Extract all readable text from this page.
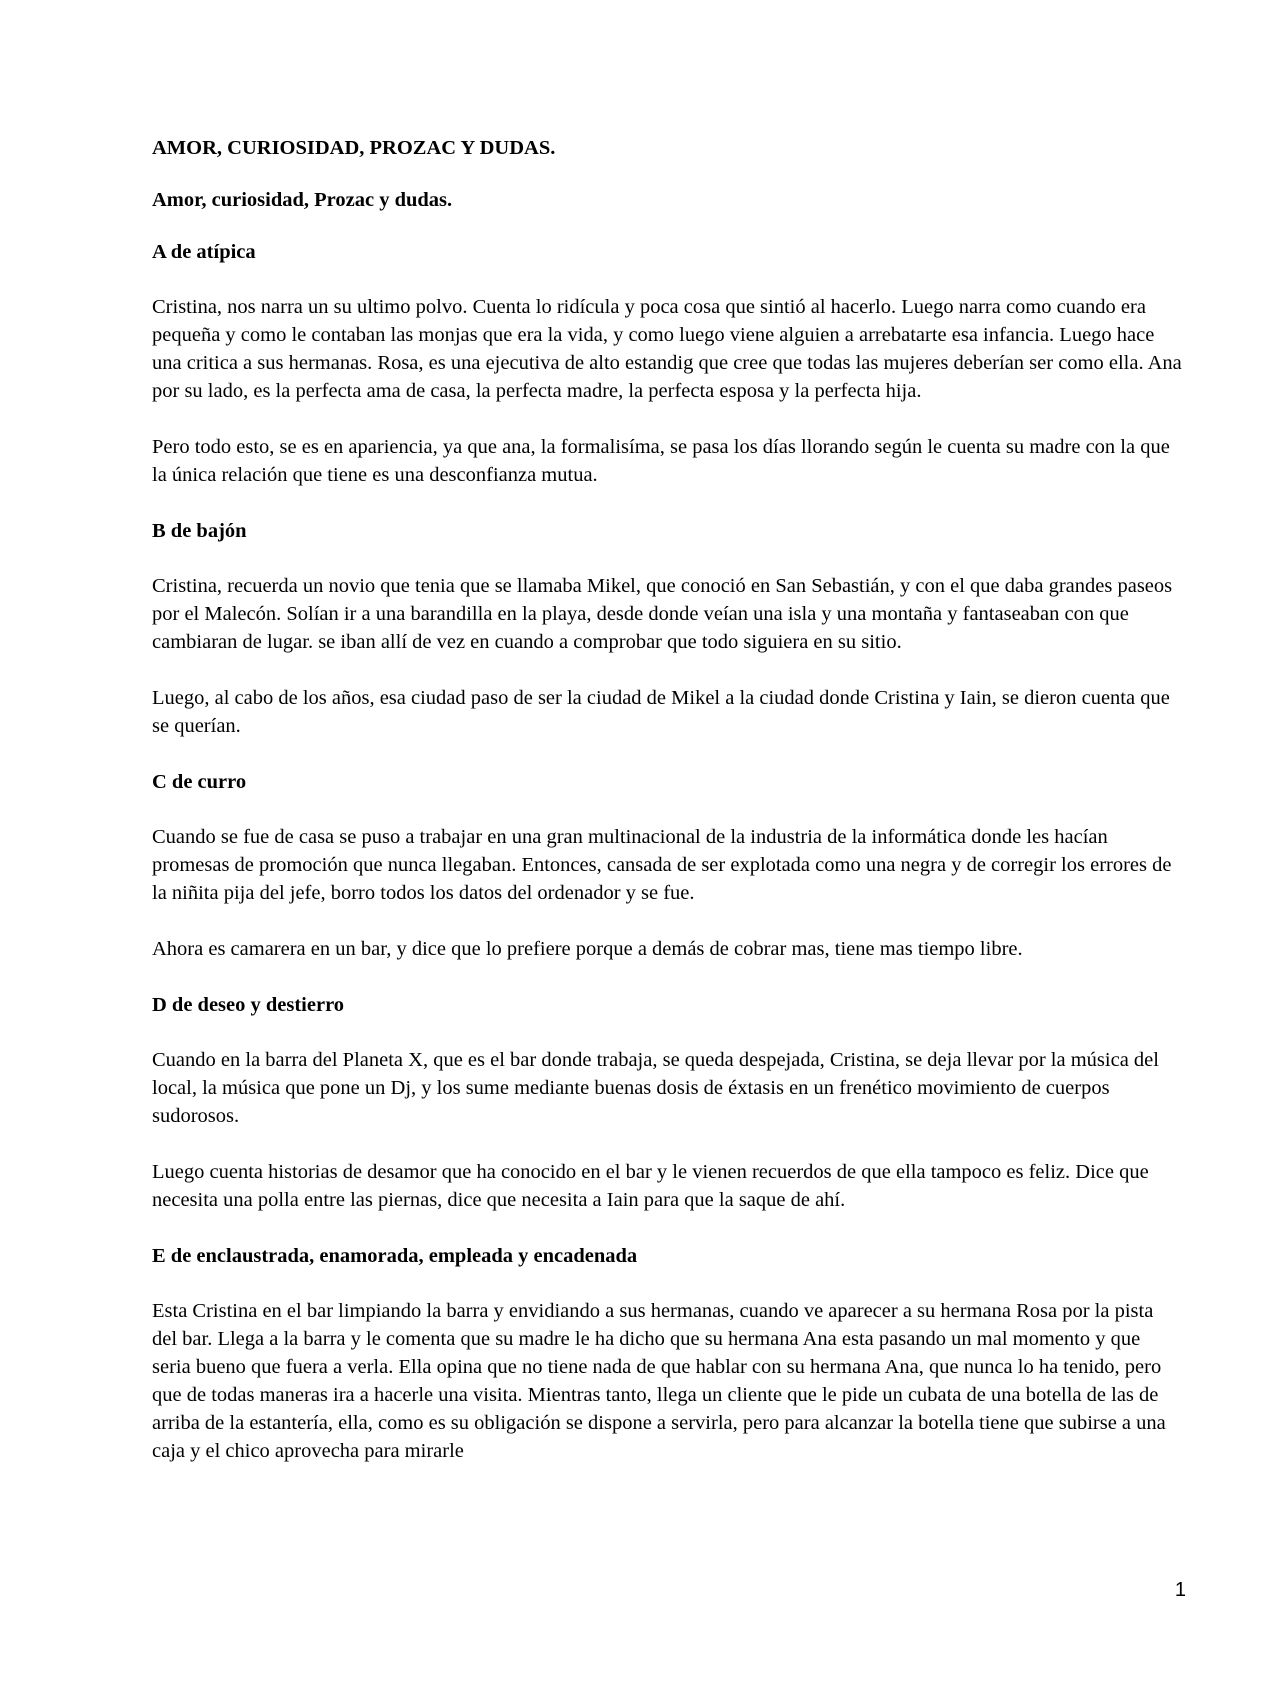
AMOR, CURIOSIDAD, PROZAC Y DUDAS.
Amor, curiosidad, Prozac y dudas.
A de atípica

Cristina, nos narra un su ultimo polvo. Cuenta lo ridícula y poca cosa que sintió al hacerlo. Luego narra como cuando era pequeña y como le contaban las monjas que era la vida, y como luego viene alguien a arrebatarte esa infancia. Luego hace una critica a sus hermanas. Rosa, es una ejecutiva de alto estandig que cree que todas las mujeres deberían ser como ella. Ana por su lado, es la perfecta ama de casa, la perfecta madre, la perfecta esposa y la perfecta hija.

Pero todo esto, se es en apariencia, ya que ana, la formalisíma, se pasa los días llorando según le cuenta su madre con la que la única relación que tiene es una desconfianza mutua.

B de bajón

Cristina, recuerda un novio que tenia que se llamaba Mikel, que conoció en San Sebastián, y con el que daba grandes paseos por el Malecón. Solían ir a una barandilla en la playa, desde donde veían una isla y una montaña y fantaseaban con que cambiaran de lugar. se iban allí de vez en cuando a comprobar que todo siguiera en su sitio.

Luego, al cabo de los años, esa ciudad paso de ser la ciudad de Mikel a la ciudad donde Cristina y Iain, se dieron cuenta que se querían.

C de curro

Cuando se fue de casa se puso a trabajar en una gran multinacional de la industria de la informática donde les hacían promesas de promoción que nunca llegaban. Entonces, cansada de ser explotada como una negra y de corregir los errores de la niñita pija del jefe, borro todos los datos del ordenador y se fue.

Ahora es camarera en un bar, y dice que lo prefiere porque a demás de cobrar mas, tiene mas tiempo libre.

D de deseo y destierro

Cuando en la barra del Planeta X, que es el bar donde trabaja, se queda despejada, Cristina, se deja llevar por la música del local, la música que pone un Dj, y los sume mediante buenas dosis de éxtasis en un frenético movimiento de cuerpos sudorosos.

Luego cuenta historias de desamor que ha conocido en el bar y le vienen recuerdos de que ella tampoco es feliz. Dice que necesita una polla entre las piernas, dice que necesita a Iain para que la saque de ahí.

E de enclaustrada, enamorada, empleada y encadenada

Esta Cristina en el bar limpiando la barra y envidiando a sus hermanas, cuando ve aparecer a su hermana Rosa por la pista del bar. Llega a la barra y le comenta que su madre le ha dicho que su hermana Ana esta pasando un mal momento y que seria bueno que fuera a verla. Ella opina que no tiene nada de que hablar con su hermana Ana, que nunca lo ha tenido, pero que de todas maneras ira a hacerle una visita. Mientras tanto, llega un cliente que le pide un cubata de una botella de las de arriba de la estantería, ella, como es su obligación se dispone a servirla, pero para alcanzar la botella tiene que subirse a una caja y el chico aprovecha para mirarle

1
